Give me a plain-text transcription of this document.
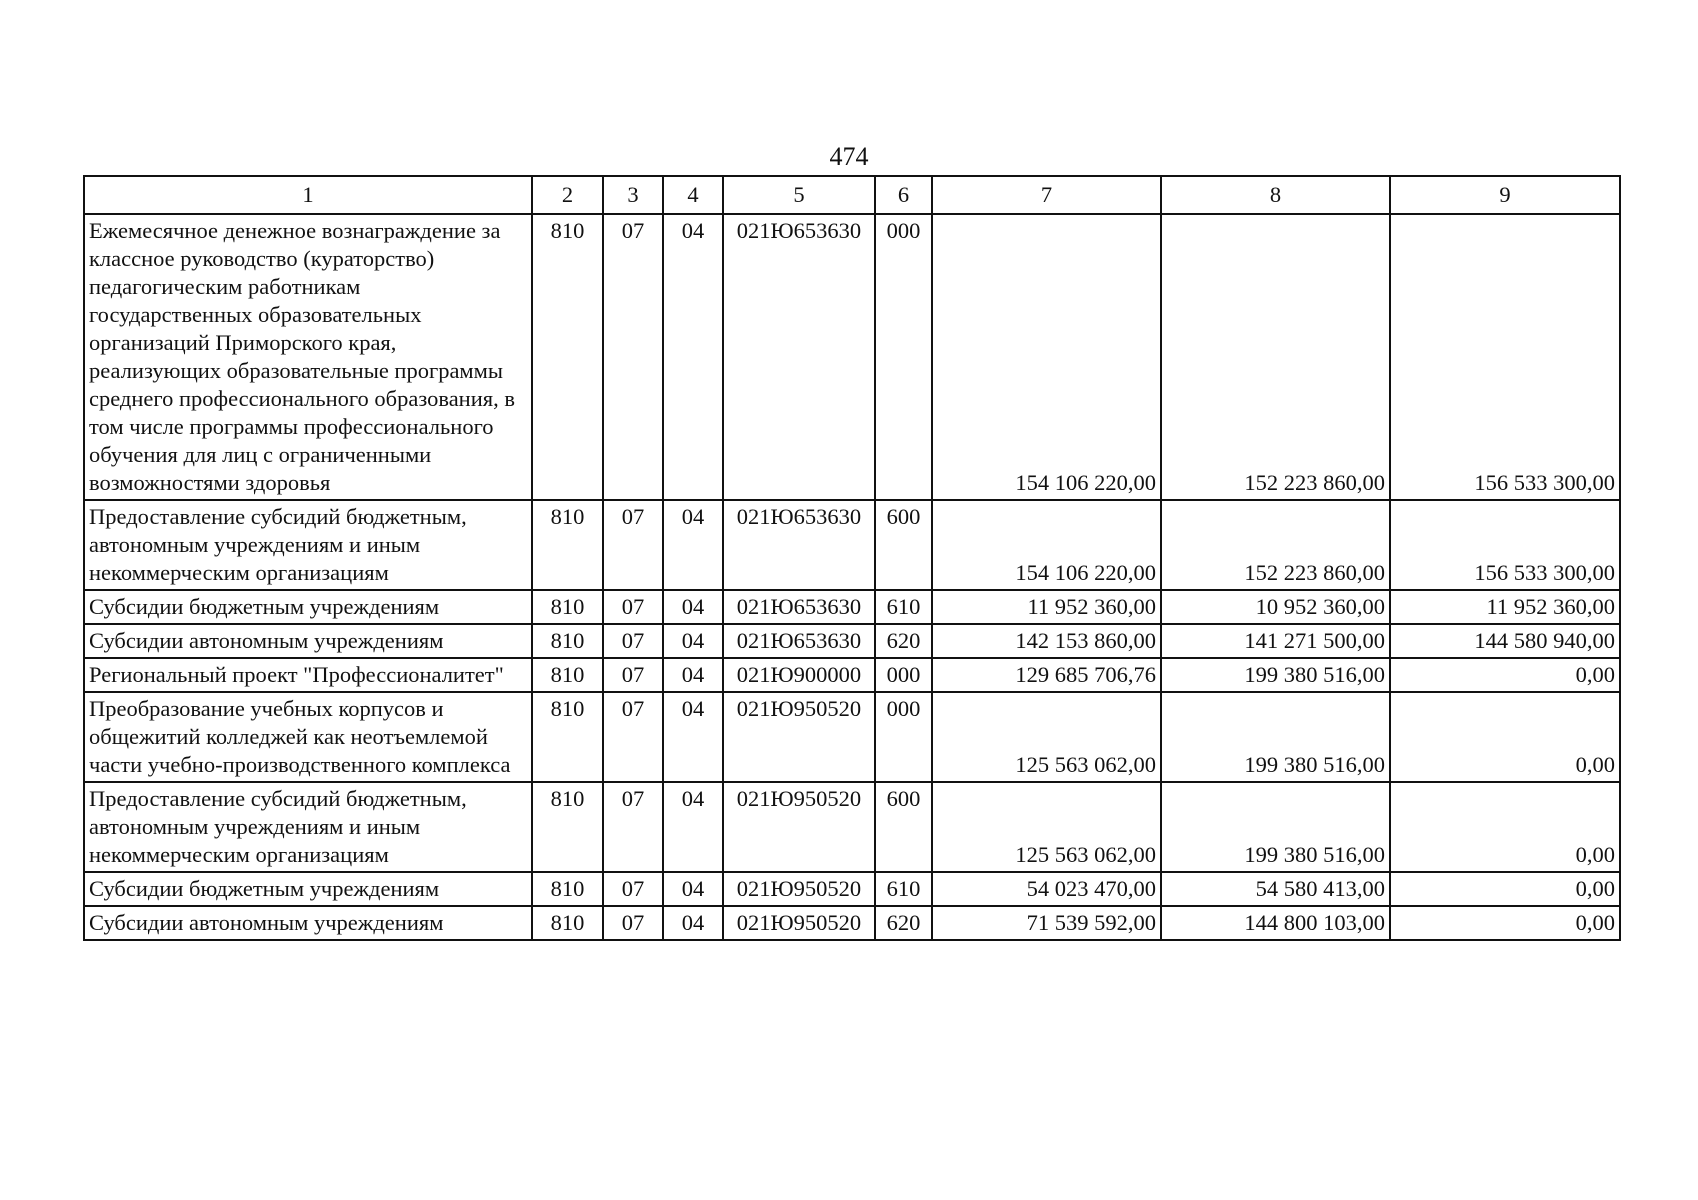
474
1	2	3	4	5	6	7	8	9
Ежемесячное денежное вознаграждение за классное руководство (кураторство) педагогическим работникам государственных образовательных организаций Приморского края, реализующих образовательные программы среднего профессионального образования, в том числе программы профессионального обучения для лиц с ограниченными возможностями здоровья	810	07	04	021Ю653630	000	154 106 220,00	152 223 860,00	156 533 300,00
Предоставление субсидий бюджетным, автономным учреждениям и иным некоммерческим организациям	810	07	04	021Ю653630	600	154 106 220,00	152 223 860,00	156 533 300,00
Субсидии бюджетным учреждениям	810	07	04	021Ю653630	610	11 952 360,00	10 952 360,00	11 952 360,00
Субсидии автономным учреждениям	810	07	04	021Ю653630	620	142 153 860,00	141 271 500,00	144 580 940,00
Региональный проект "Профессионалитет"	810	07	04	021Ю900000	000	129 685 706,76	199 380 516,00	0,00
Преобразование учебных корпусов и общежитий колледжей как неотъемлемой части учебно-производственного комплекса	810	07	04	021Ю950520	000	125 563 062,00	199 380 516,00	0,00
Предоставление субсидий бюджетным, автономным учреждениям и иным некоммерческим организациям	810	07	04	021Ю950520	600	125 563 062,00	199 380 516,00	0,00
Субсидии бюджетным учреждениям	810	07	04	021Ю950520	610	54 023 470,00	54 580 413,00	0,00
Субсидии автономным учреждениям	810	07	04	021Ю950520	620	71 539 592,00	144 800 103,00	0,00
